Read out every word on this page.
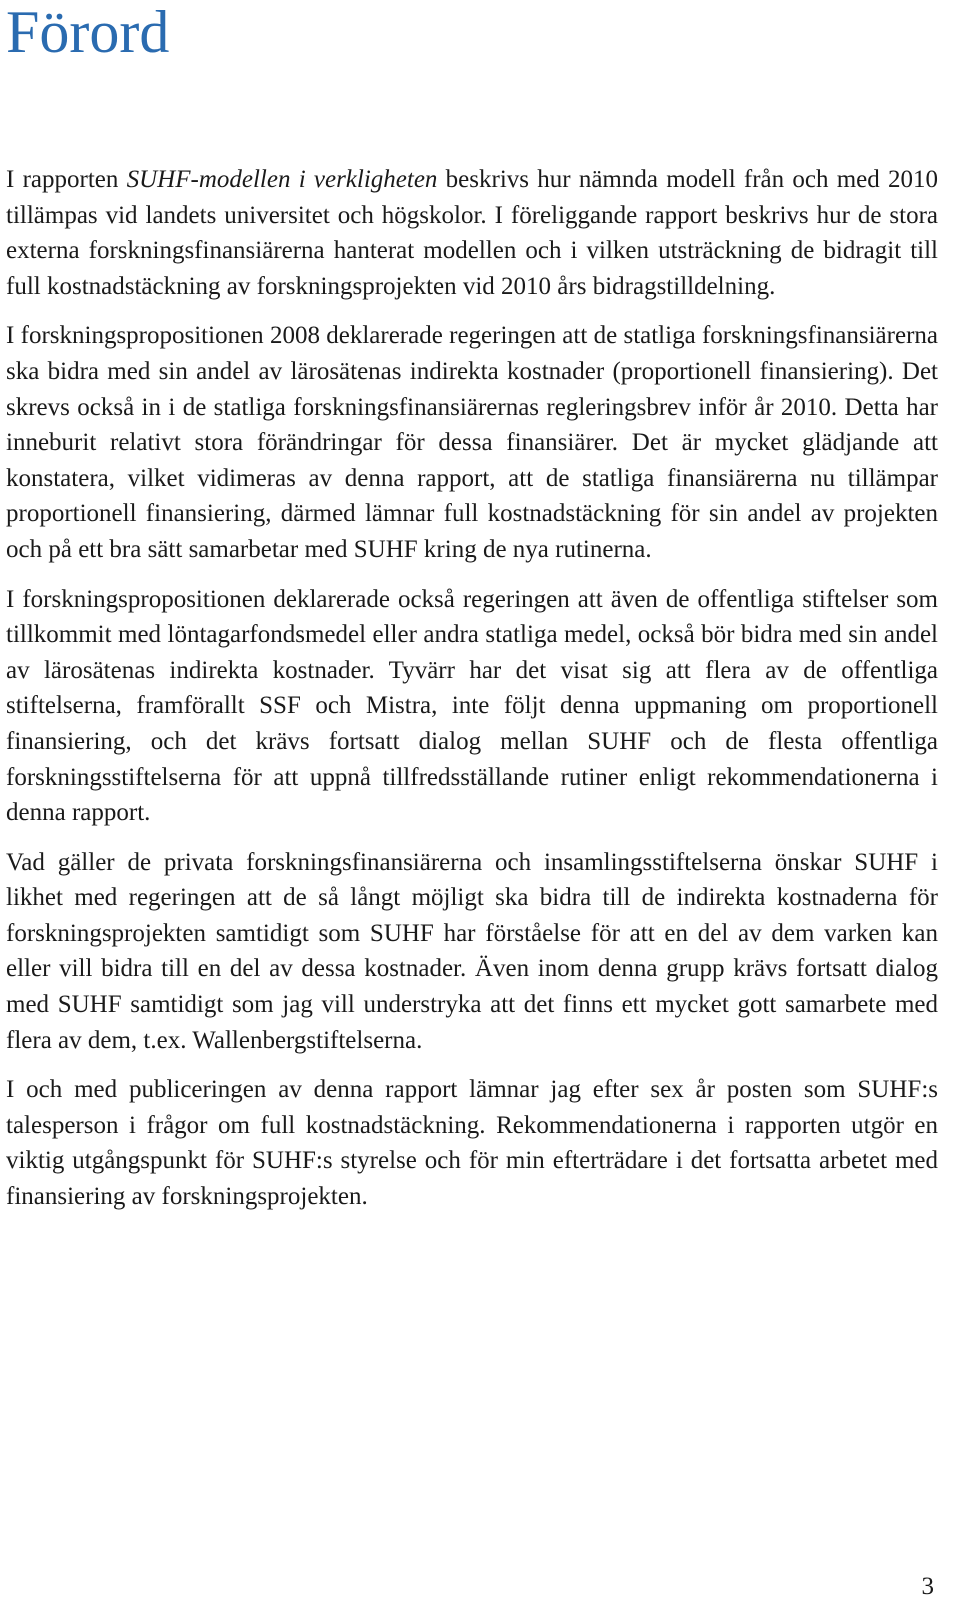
Förord

I rapporten SUHF-modellen i verkligheten beskrivs hur nämnda modell från och med 2010 tillämpas vid landets universitet och högskolor. I föreliggande rapport beskrivs hur de stora externa forskningsfinansiärerna hanterat modellen och i vilken utsträckning de bidragit till full kostnadstäckning av forskningsprojekten vid 2010 års bidragstilldelning.

I forskningspropositionen 2008 deklarerade regeringen att de statliga forskningsfinansiärerna ska bidra med sin andel av lärosätenas indirekta kostnader (proportionell finansiering). Det skrevs också in i de statliga forskningsfinansiärernas regleringsbrev inför år 2010. Detta har inneburit relativt stora förändringar för dessa finansiärer. Det är mycket glädjande att konstatera, vilket vidimeras av denna rapport, att de statliga finansiärerna nu tillämpar proportionell finansiering, därmed lämnar full kostnadstäckning för sin andel av projekten och på ett bra sätt samarbetar med SUHF kring de nya rutinerna.

I forskningspropositionen deklarerade också regeringen att även de offentliga stiftelser som tillkommit med löntagarfondsmedel eller andra statliga medel, också bör bidra med sin andel av lärosätenas indirekta kostnader. Tyvärr har det visat sig att flera av de offentliga stiftelserna, framförallt SSF och Mistra, inte följt denna uppmaning om proportionell finansiering, och det krävs fortsatt dialog mellan SUHF och de flesta offentliga forskningsstiftelserna för att uppnå tillfredsställande rutiner enligt rekommendationerna i denna rapport.

Vad gäller de privata forskningsfinansiärerna och insamlingsstiftelserna önskar SUHF i likhet med regeringen att de så långt möjligt ska bidra till de indirekta kostnaderna för forskningsprojekten samtidigt som SUHF har förståelse för att en del av dem varken kan eller vill bidra till en del av dessa kostnader. Även inom denna grupp krävs fortsatt dialog med SUHF samtidigt som jag vill understryka att det finns ett mycket gott samarbete med flera av dem, t.ex. Wallenbergstiftelserna.

I och med publiceringen av denna rapport lämnar jag efter sex år posten som SUHF:s talesperson i frågor om full kostnadstäckning. Rekommendationerna i rapporten utgör en viktig utgångspunkt för SUHF:s styrelse och för min efterträdare i det fortsatta arbetet med finansiering av forskningsprojekten.

3
